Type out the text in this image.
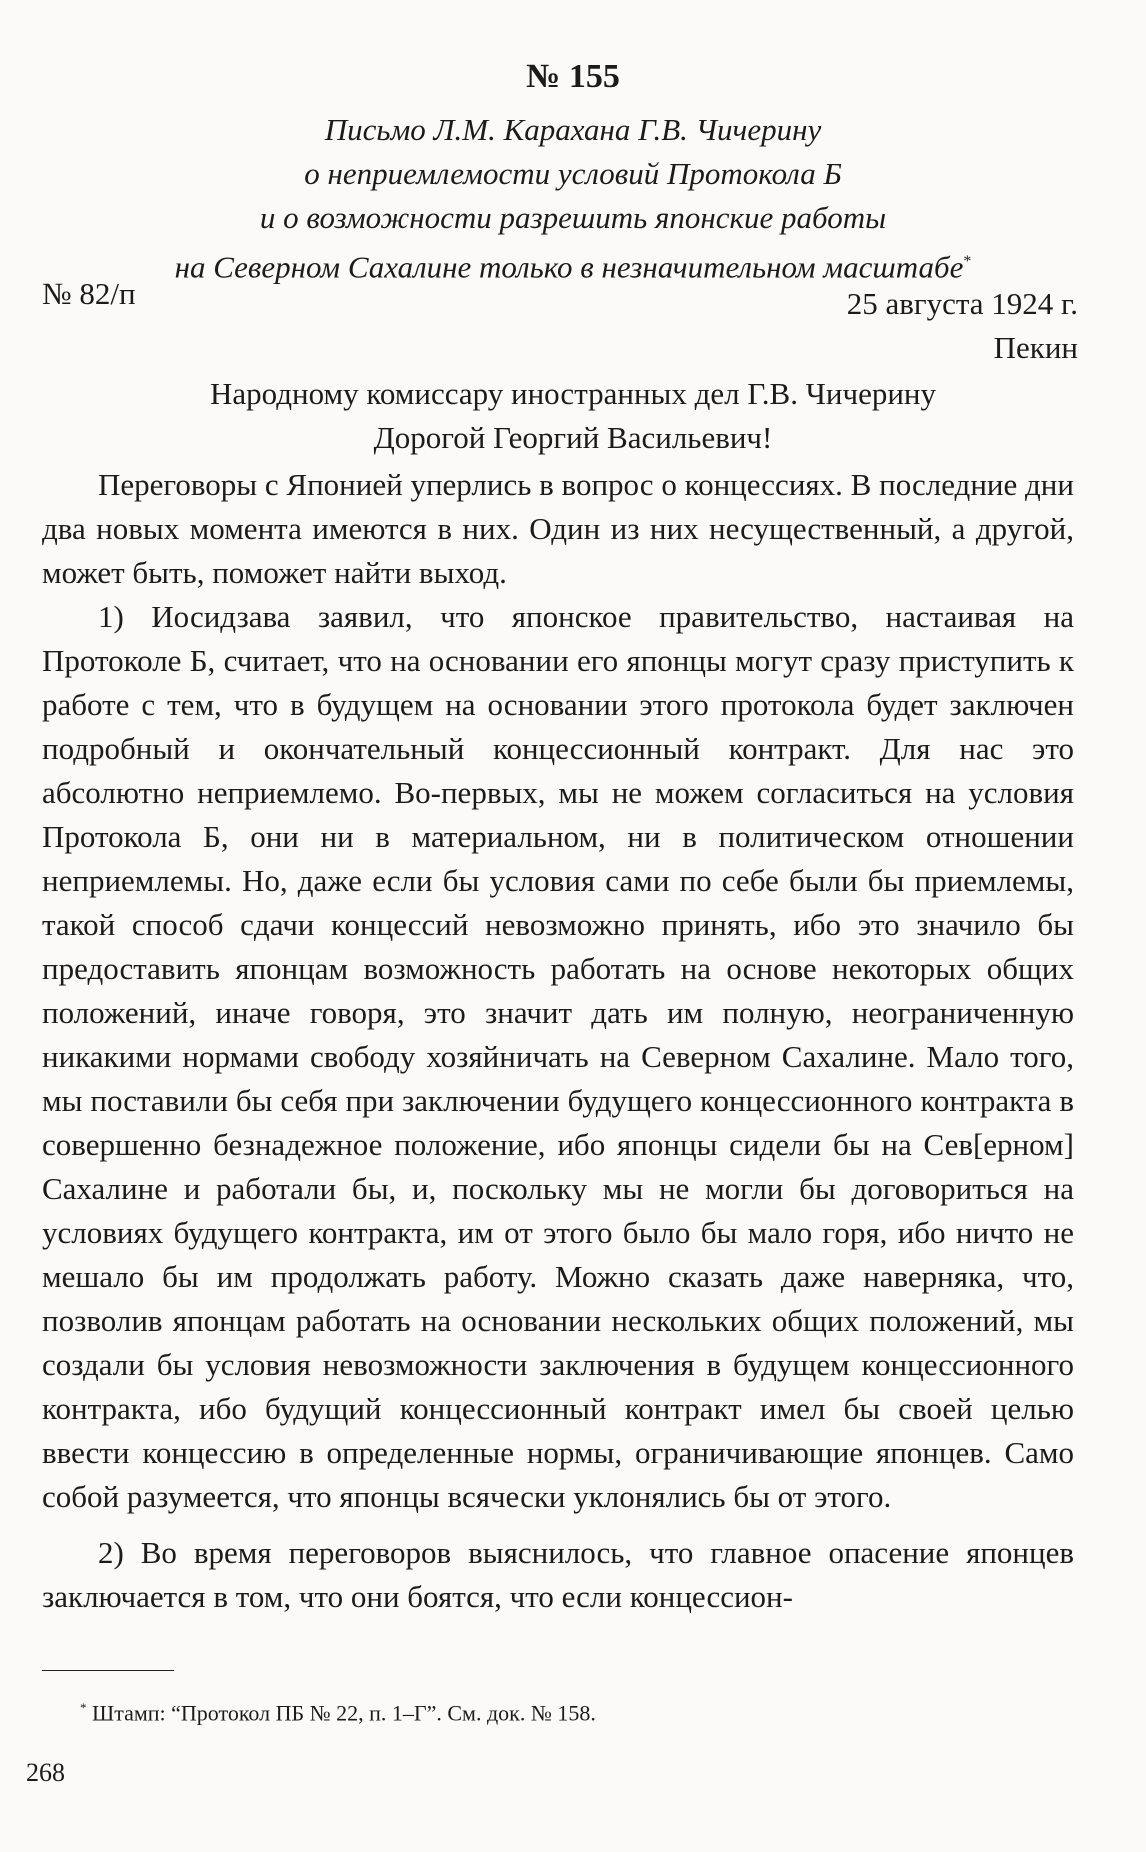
№ 155
Письмо Л.М. Карахана Г.В. Чичерину
о неприемлемости условий Протокола Б
и о возможности разрешить японские работы
на Северном Сахалине только в незначительном масштабе*
№ 82/п	25 августа 1924 г.
Пекин
Народному комиссару иностранных дел Г.В. Чичерину
Дорогой Георгий Васильевич!

Переговоры с Японией уперлись в вопрос о концессиях. В последние дни два новых момента имеются в них. Один из них несущественный, а другой, может быть, поможет найти выход.

1) Иосидзава заявил, что японское правительство, настаивая на Протоколе Б, считает, что на основании его японцы могут сразу приступить к работе с тем, что в будущем на основании этого протокола будет заключен подробный и окончательный концессионный контракт. Для нас это абсолютно неприемлемо. Во-первых, мы не можем согласиться на условия Протокола Б, они ни в материальном, ни в политическом отношении неприемлемы. Но, даже если бы условия сами по себе были бы приемлемы, такой способ сдачи концессий невозможно принять, ибо это значило бы предоставить японцам возможность работать на основе некоторых общих положений, иначе говоря, это значит дать им полную, неограниченную никакими нормами свободу хозяйничать на Северном Сахалине. Мало того, мы поставили бы себя при заключении будущего концессионного контракта в совершенно безнадежное положение, ибо японцы сидели бы на Сев[ерном] Сахалине и работали бы, и, поскольку мы не могли бы договориться на условиях будущего контракта, им от этого было бы мало горя, ибо ничто не мешало бы им продолжать работу. Можно сказать даже наверняка, что, позволив японцам работать на основании нескольких общих положений, мы создали бы условия невозможности заключения в будущем концессионного контракта, ибо будущий концессионный контракт имел бы своей целью ввести концессию в определенные нормы, ограничивающие японцев. Само собой разумеется, что японцы всячески уклонялись бы от этого.

2) Во время переговоров выяснилось, что главное опасение японцев заключается в том, что они боятся, что если концессион-

* Штамп: “Протокол ПБ № 22, п. 1–Г”. См. док. № 158.
268
